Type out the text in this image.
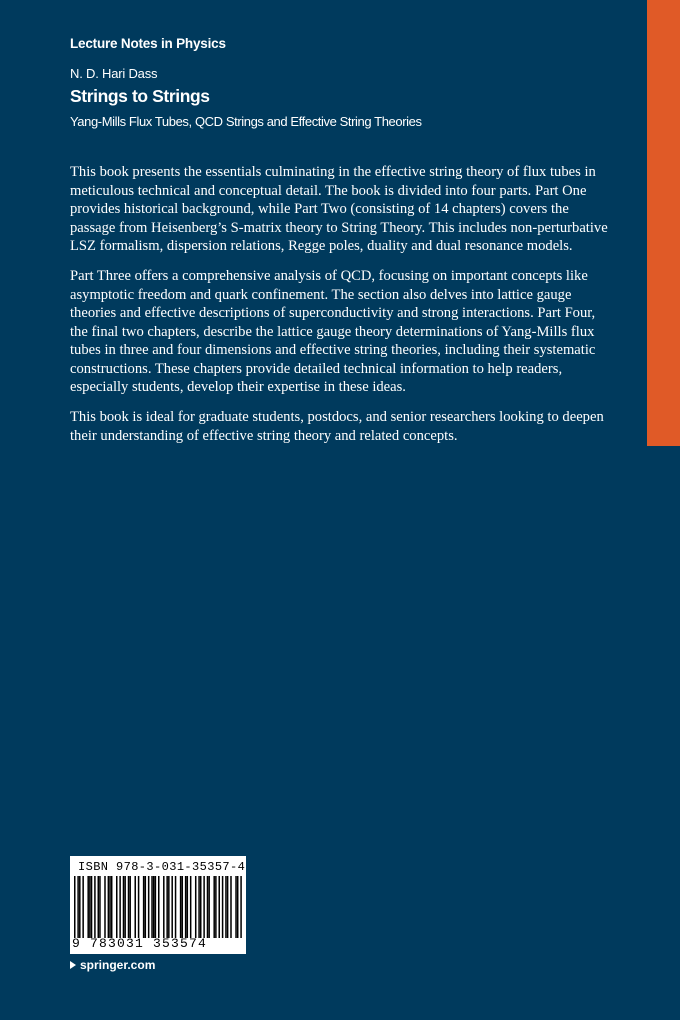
Lecture Notes in Physics
N. D. Hari Dass
Strings to Strings
Yang-Mills Flux Tubes, QCD Strings and Effective String Theories

This book presents the essentials culminating in the effective string theory of flux tubes in meticulous technical and conceptual detail. The book is divided into four parts. Part One provides historical background, while Part Two (consisting of 14 chapters) covers the passage from Heisenberg’s S-matrix theory to String Theory. This includes non-perturbative LSZ formalism, dispersion relations, Regge poles, duality and dual resonance models.

Part Three offers a comprehensive analysis of QCD, focusing on important concepts like asymptotic freedom and quark confinement. The section also delves into lattice gauge theories and effective descriptions of superconductivity and strong interactions. Part Four, the final two chapters, describe the lattice gauge theory determinations of Yang-Mills flux tubes in three and four dimensions and effective string theories, including their systematic constructions. These chapters provide detailed technical information to help readers, especially students, develop their expertise in these ideas.

This book is ideal for graduate students, postdocs, and senior researchers looking to deepen their understanding of effective string theory and related concepts.

ISBN 978-3-031-35357-4
9 783031 353574
springer.com
